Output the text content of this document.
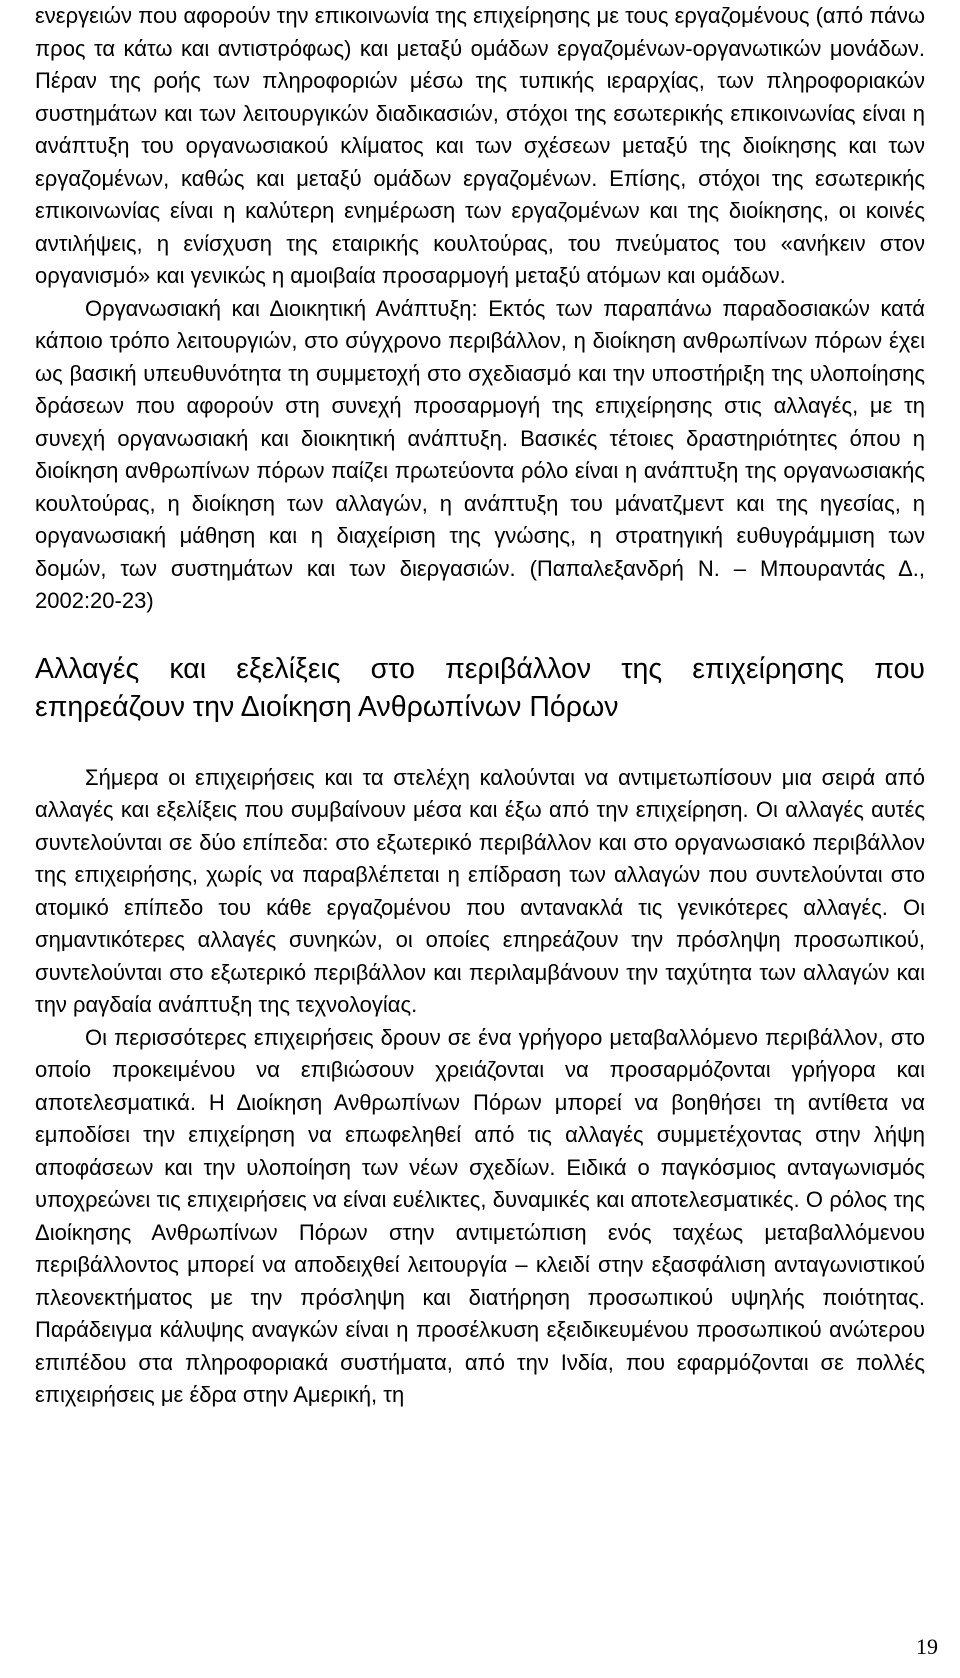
ενεργειών που αφορούν την επικοινωνία της επιχείρησης με τους εργαζομένους (από πάνω προς τα κάτω και αντιστρόφως) και μεταξύ ομάδων εργαζομένων-οργανωτικών μονάδων. Πέραν της ροής των πληροφοριών μέσω της τυπικής ιεραρχίας, των πληροφοριακών συστημάτων και των λειτουργικών διαδικασιών, στόχοι της εσωτερικής επικοινωνίας είναι η ανάπτυξη του οργανωσιακού κλίματος και των σχέσεων μεταξύ της διοίκησης και των εργαζομένων, καθώς και μεταξύ ομάδων εργαζομένων. Επίσης, στόχοι της εσωτερικής επικοινωνίας είναι η καλύτερη ενημέρωση των εργαζομένων και της διοίκησης, οι κοινές αντιλήψεις, η ενίσχυση της εταιρικής κουλτούρας, του πνεύματος του «ανήκειν στον οργανισμό» και γενικώς η αμοιβαία προσαρμογή μεταξύ ατόμων και ομάδων.

Οργανωσιακή και Διοικητική Ανάπτυξη: Εκτός των παραπάνω παραδοσιακών κατά κάποιο τρόπο λειτουργιών, στο σύγχρονο περιβάλλον, η διοίκηση ανθρωπίνων πόρων έχει ως βασική υπευθυνότητα τη συμμετοχή στο σχεδιασμό και την υποστήριξη της υλοποίησης δράσεων που αφορούν στη συνεχή προσαρμογή της επιχείρησης στις αλλαγές, με τη συνεχή οργανωσιακή και διοικητική ανάπτυξη. Βασικές τέτοιες δραστηριότητες όπου η διοίκηση ανθρωπίνων πόρων παίζει πρωτεύοντα ρόλο είναι η ανάπτυξη της οργανωσιακής κουλτούρας, η διοίκηση των αλλαγών, η ανάπτυξη του μάνατζμεντ και της ηγεσίας, η οργανωσιακή μάθηση και η διαχείριση της γνώσης, η στρατηγική ευθυγράμμιση των δομών, των συστημάτων και των διεργασιών. (Παπαλεξανδρή Ν. – Μπουραντάς Δ., 2002:20-23)

Αλλαγές και εξελίξεις στο περιβάλλον της επιχείρησης που επηρεάζουν την Διοίκηση Ανθρωπίνων Πόρων

Σήμερα οι επιχειρήσεις και τα στελέχη καλούνται να αντιμετωπίσουν μια σειρά από αλλαγές και εξελίξεις που συμβαίνουν μέσα και έξω από την επιχείρηση. Οι αλλαγές αυτές συντελούνται σε δύο επίπεδα: στο εξωτερικό περιβάλλον και στο οργανωσιακό περιβάλλον της επιχειρήσης, χωρίς να παραβλέπεται η επίδραση των αλλαγών που συντελούνται στο ατομικό επίπεδο του κάθε εργαζομένου που αντανακλά τις γενικότερες αλλαγές. Οι σημαντικότερες αλλαγές συνηκών, οι οποίες επηρεάζουν την πρόσληψη προσωπικού, συντελούνται στο εξωτερικό περιβάλλον και περιλαμβάνουν την ταχύτητα των αλλαγών και την ραγδαία ανάπτυξη της τεχνολογίας.

Οι περισσότερες επιχειρήσεις δρουν σε ένα γρήγορο μεταβαλλόμενο περιβάλλον, στο οποίο προκειμένου να επιβιώσουν χρειάζονται να προσαρμόζονται γρήγορα και αποτελεσματικά. Η Διοίκηση Ανθρωπίνων Πόρων μπορεί να βοηθήσει τη αντίθετα να εμποδίσει την επιχείρηση να επωφεληθεί από τις αλλαγές συμμετέχοντας στην λήψη αποφάσεων και την υλοποίηση των νέων σχεδίων. Ειδικά ο παγκόσμιος ανταγωνισμός υποχρεώνει τις επιχειρήσεις να είναι ευέλικτες, δυναμικές και αποτελεσματικές. Ο ρόλος της Διοίκησης Ανθρωπίνων Πόρων στην αντιμετώπιση ενός ταχέως μεταβαλλόμενου περιβάλλοντος μπορεί να αποδειχθεί λειτουργία – κλειδί στην εξασφάλιση ανταγωνιστικού πλεονεκτήματος με την πρόσληψη και διατήρηση προσωπικού υψηλής ποιότητας. Παράδειγμα κάλυψης αναγκών είναι η προσέλκυση εξειδικευμένου προσωπικού ανώτερου επιπέδου στα πληροφοριακά συστήματα, από την Ινδία, που εφαρμόζονται σε πολλές επιχειρήσεις με έδρα στην Αμερική, τη

19
